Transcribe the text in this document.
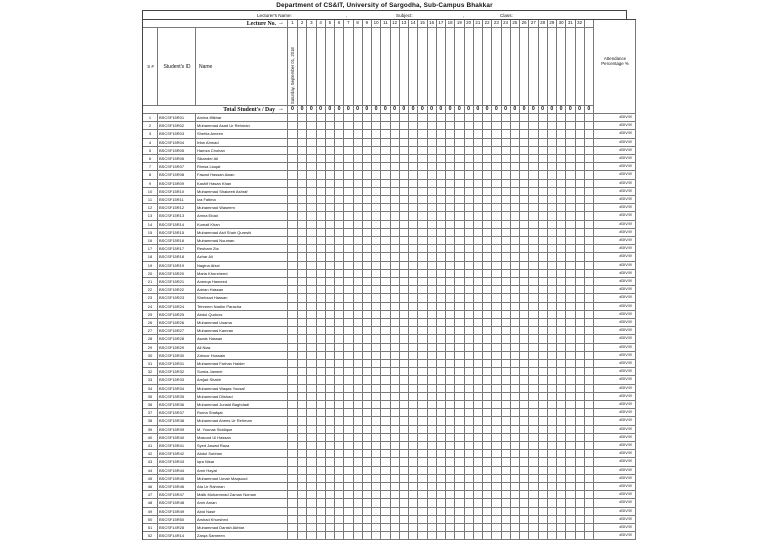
Department of CS&IT, University of Sargodha, Sub-Campus Bhakkar
Lecturer's Name:	,	Subject:	,	Class:
Lecture No. →	1	2	3	4	5	6	7	8	9	10	11	12 13 14 15 16 17 18 19 20 21 22 23 24 25 26 27 28 29 30 31 32
Attendance
Percentage %
S #	Student's ID	Name	Saturday, September 01, 2018
Total Student's / Day →	0	0	0	0	0	0	0	0	0	0	0	0	0	0	0	0	0	0	0	0	0	0	0	0	0	0	0	0	0	0	0	0	0
1	BSCSF15R01	Amina Iftikhar	#DIV/0!
2	BSCSF15R02	Muhammad Asad Ur Rehman	#DIV/0!
3	BSCSF15R03	Shehla Ameen	#DIV/0!
4	BSCSF15R04	Irfan Ahmad	#DIV/0!
5	BSCSF15R05	Hamza Chohan	#DIV/0!
6	BSCSF15R06	Sikander Ali	#DIV/0!
7	BSCSF15R07	Rimsa Liaqat	#DIV/0!
8	BSCSF15R08	Fawad Hassan Awan	#DIV/0!
9	BSCSF15R09	Kashif Hasan Khan	#DIV/0!
10	BSCSF15R10	Muhammad Shakeeb Ashraf	#DIV/0!
11	BSCSF15R11	Iza Fatima	#DIV/0!
12	BSCSF15R12	Muhammad Waseem	#DIV/0!
13	BSCSF15R13	Amna Ebad	#DIV/0!
14	BSCSF15R14	Kumail Khan	#DIV/0!
15	BSCSF15R15	Muhammad Asif Shah Qureshi	#DIV/0!
16	BSCSF15R16	Muhammad Nouman	#DIV/0!
17	BSCSF15R17	Resham Zia	#DIV/0!
18	BSCSF15R18	Azhar Ali	#DIV/0!
19	BSCSF15R19	Nagina Afzal	#DIV/0!
20	BSCSF15R20	Maria Khursheed	#DIV/0!
21	BSCSF15R21	Aneeqa Hameed	#DIV/0!
22	BSCSF15R22	Adnan Hassan	#DIV/0!
23	BSCSF15R23	Shehzad Hassan	#DIV/0!
24	BSCSF15R24	Tehreem Nadim Paracha	#DIV/0!
25	BSCSF15R25	Abdul Qudoos	#DIV/0!
26	BSCSF15R26	Muhammad Usama	#DIV/0!
27	BSCSF15R27	Muhammad Kamran	#DIV/0!
28	BSCSF15R28	Awais Hassan	#DIV/0!
29	BSCSF15R29	Ali Niaz	#DIV/0!
30	BSCSF15R30	Zahoor Hussain	#DIV/0!
31	BSCSF15R31	Muhammad Farhan Haider	#DIV/0!
32	BSCSF15R32	Sumia Jameel	#DIV/0!
33	BSCSF15R33	Amjad Shabir	#DIV/0!
34	BSCSF15R34	Muhammad Waqas Yousaf	#DIV/0!
35	BSCSF15R35	Muhammad Dilshad	#DIV/0!
36	BSCSF15R36	Muhammad Junaid Baghdadi	#DIV/0!
37	BSCSF15R37	Ruma Shafqat	#DIV/0!
38	BSCSF15R38	Muhammad Anees Ur Rehman	#DIV/0!
39	BSCSF15R39	M. Younas Siddique	#DIV/0!
40	BSCSF15R40	Masood Ul Hassan	#DIV/0!
41	BSCSF15R41	Syed Jawad Raza	#DIV/0!
42	BSCSF15R42	Abdul Subhan	#DIV/0!
43	BSCSF15R43	Iqra Nisar	#DIV/0!
44	BSCSF15R44	Amir Hayat	#DIV/0!
45	BSCSF15R45	Muhammad Umair Maqsood	#DIV/0!
46	BSCSF15R46	Ata Ur Rahman	#DIV/0!
47	BSCSF15R47	Malik Muhammad Zaman Noman	#DIV/0!
48	BSCSF15R48	Amir Aman	#DIV/0!
49	BSCSF15R49	Abid Nasir	#DIV/0!
50	BSCSF15R50	Arshad Khurshed	#DIV/0!
51	BSCSF14R28	Muhammad Danish Akhtar	#DIV/0!
52	BSCSF14R14	Zarqa Samreen	#DIV/0!
